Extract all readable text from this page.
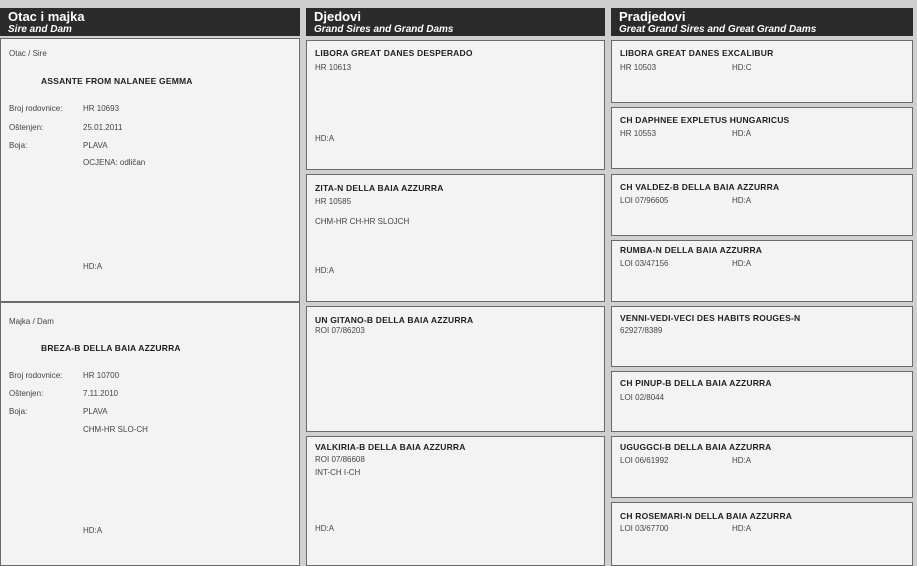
Otac i majka
Sire and Dam
Otac / Sire
ASSANTE FROM NALANEE GEMMA
Broj rodovnice:	HR 10693
Oštenjen:	25.01.2011
Boja:	PLAVA
OCJENA: odličan
HD:A
Majka / Dam
BREZA-B DELLA BAIA AZZURRA
Broj rodovnice:	HR 10700
Oštenjen:	7.11.2010
Boja:	PLAVA
CHM-HR SLO-CH
HD:A
Djedovi
Grand Sires and Grand Dams
LIBORA GREAT DANES DESPERADO
HR 10613
HD:A
ZITA-N DELLA BAIA AZZURRA
HR 10585
CHM-HR CH-HR SLOJCH
HD:A
UN GITANO-B DELLA BAIA AZZURRA
ROI 07/86203
VALKIRIA-B DELLA BAIA AZZURRA
ROI 07/86608
INT-CH I-CH
HD:A
Pradjedovi
Great Grand Sires and Great Grand Dams
LIBORA GREAT DANES EXCALIBUR
HR 10503	HD:C
CH DAPHNEE EXPLETUS HUNGARICUS
HR 10553	HD:A
CH VALDEZ-B DELLA BAIA AZZURRA
LOI 07/96605	HD:A
RUMBA-N DELLA BAIA AZZURRA
LOI 03/47156	HD:A
VENNI-VEDI-VECI DES HABITS ROUGES-N
62927/8389
CH PINUP-B DELLA BAIA AZZURRA
LOI 02/8044
UGUGGCI-B DELLA BAIA AZZURRA
LOI 06/61992	HD:A
CH ROSEMARI-N DELLA BAIA AZZURRA
LOI 03/67700	HD:A
